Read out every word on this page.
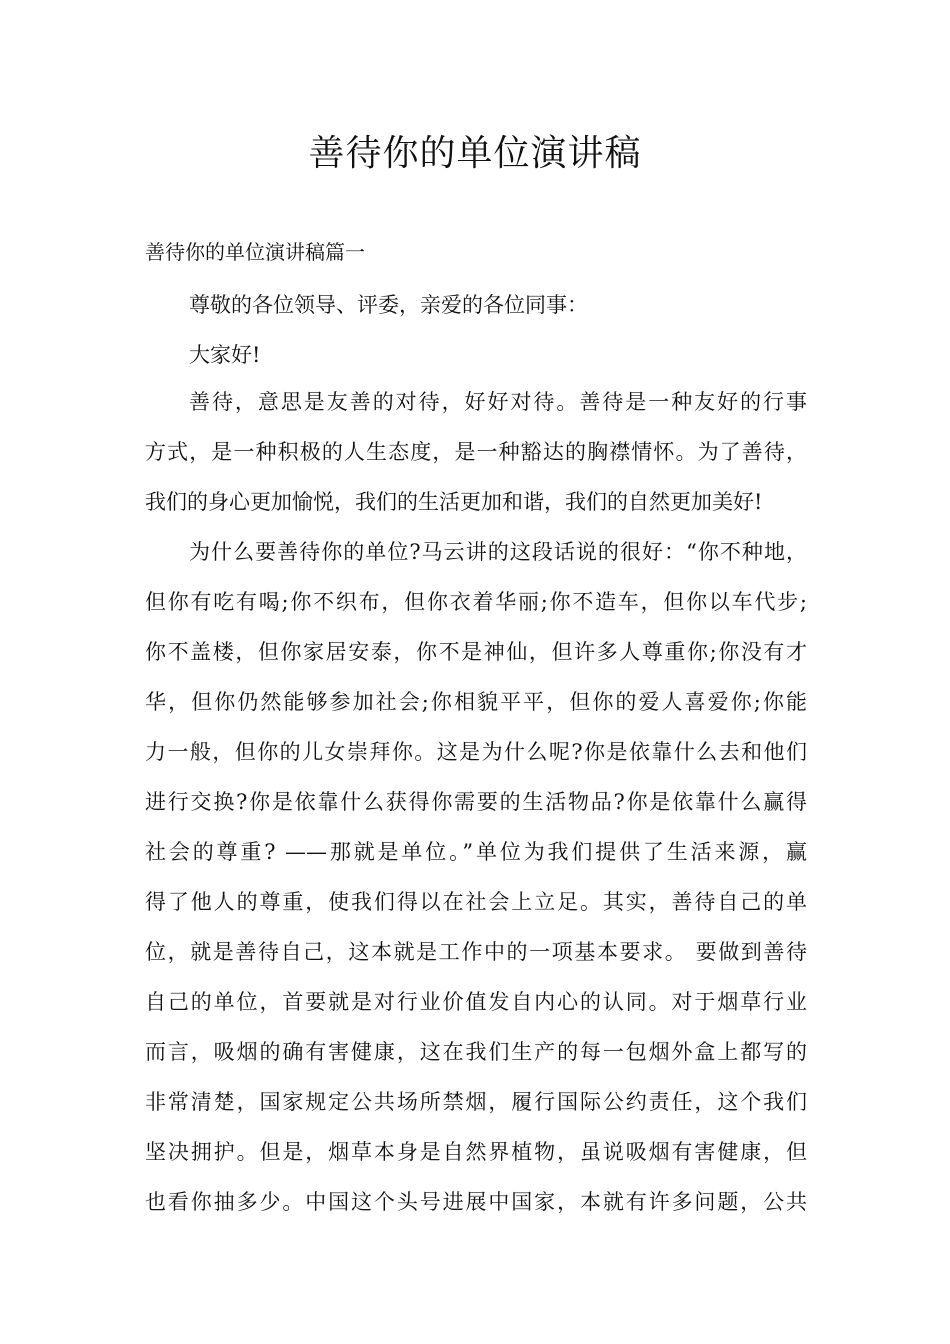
善待你的单位演讲稿
善待你的单位演讲稿篇一
尊敬的各位领导、评委，亲爱的各位同事：
大家好!
善待，意思是友善的对待，好好对待。善待是一种友好的行事
方式，是一种积极的人生态度，是一种豁达的胸襟情怀。为了善待，
我们的身心更加愉悦，我们的生活更加和谐，我们的自然更加美好!
为什么要善待你的单位?马云讲的这段话说的很好：“你不种地，
但你有吃有喝;你不织布，但你衣着华丽;你不造车，但你以车代步;
你不盖楼，但你家居安泰，你不是神仙，但许多人尊重你;你没有才
华，但你仍然能够参加社会;你相貌平平，但你的爱人喜爱你;你能
力一般，但你的儿女崇拜你。这是为什么呢?你是依靠什么去和他们
进行交换?你是依靠什么获得你需要的生活物品?你是依靠什么赢得
社会的尊重? ——那就是单位。”单位为我们提供了生活来源，赢
得了他人的尊重，使我们得以在社会上立足。其实，善待自己的单
位，就是善待自己，这本就是工作中的一项基本要求。 要做到善待
自己的单位，首要就是对行业价值发自内心的认同。对于烟草行业
而言，吸烟的确有害健康，这在我们生产的每一包烟外盒上都写的
非常清楚，国家规定公共场所禁烟，履行国际公约责任，这个我们
坚决拥护。但是，烟草本身是自然界植物，虽说吸烟有害健康，但
也看你抽多少。中国这个头号进展中国家，本就有许多问题，公共
